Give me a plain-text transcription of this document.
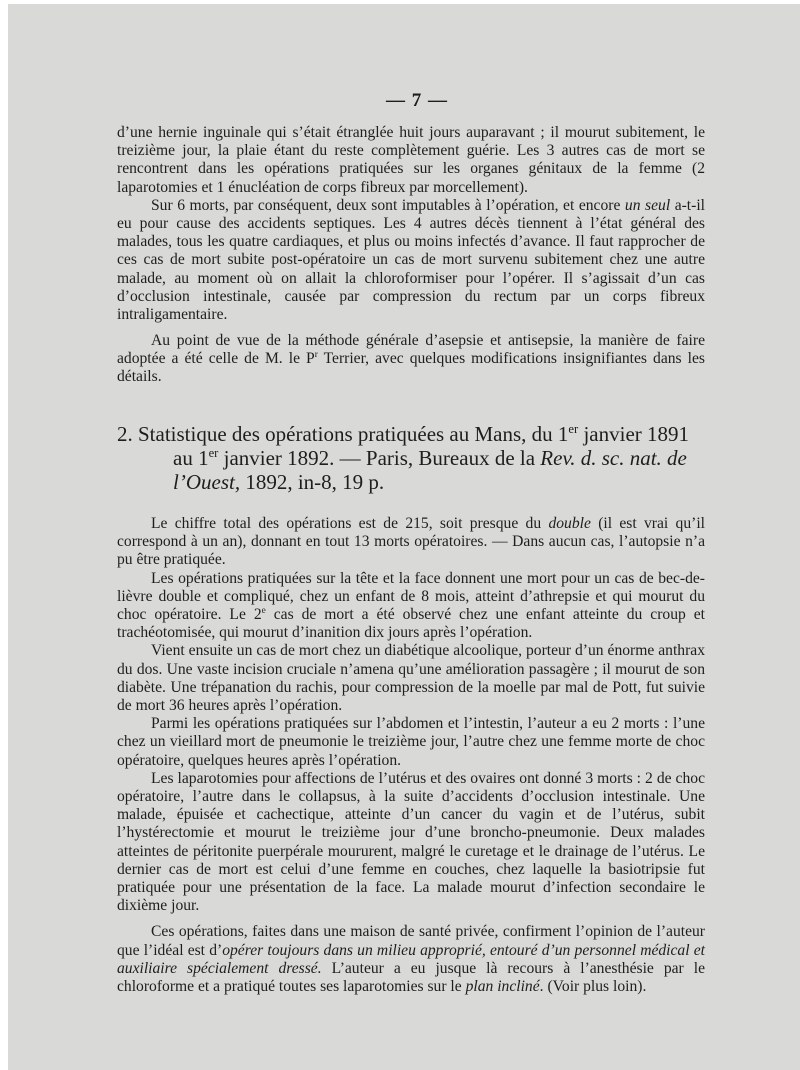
— 7 —

d’une hernie inguinale qui s’était étranglée huit jours auparavant ; il mourut subitement, le treizième jour, la plaie étant du reste complètement guérie. Les 3 autres cas de mort se rencontrent dans les opérations pratiquées sur les organes génitaux de la femme (2 laparotomies et 1 énucléation de corps fibreux par morcellement).

Sur 6 morts, par conséquent, deux sont imputables à l’opération, et encore un seul a-t-il eu pour cause des accidents septiques. Les 4 autres décès tiennent à l’état général des malades, tous les quatre cardiaques, et plus ou moins infectés d’avance. Il faut rapprocher de ces cas de mort subite post-opératoire un cas de mort survenu subitement chez une autre malade, au moment où on allait la chloroformiser pour l’opérer. Il s’agissait d’un cas d’occlusion intestinale, causée par compression du rectum par un corps fibreux intraligamentaire.

Au point de vue de la méthode générale d’asepsie et antisepsie, la manière de faire adoptée a été celle de M. le $P^r$ Terrier, avec quelques modifications insignifiantes dans les détails.

2. Statistique des opérations pratiquées au Mans, du 1er janvier 1891
au 1er janvier 1892. — Paris, Bureaux de la Rev. d. sc. nat. de
l’Ouest, 1892, in-8, 19 p.

Le chiffre total des opérations est de 215, soit presque du double (il est vrai qu’il correspond à un an), donnant en tout 13 morts opératoires. — Dans aucun cas, l’autopsie n’a pu être pratiquée.

Les opérations pratiquées sur la tête et la face donnent une mort pour un cas de bec-de-lièvre double et compliqué, chez un enfant de 8 mois, atteint d’athrepsie et qui mourut du choc opératoire. Le 2e cas de mort a été observé chez une enfant atteinte du croup et trachéotomisée, qui mourut d’inanition dix jours après l’opération.

Vient ensuite un cas de mort chez un diabétique alcoolique, porteur d’un énorme anthrax du dos. Une vaste incision cruciale n’amena qu’une amélioration passagère ; il mourut de son diabète. Une trépanation du rachis, pour compression de la moelle par mal de Pott, fut suivie de mort 36 heures après l’opération.

Parmi les opérations pratiquées sur l’abdomen et l’intestin, l’auteur a eu 2 morts : l’une chez un vieillard mort de pneumonie le treizième jour, l’autre chez une femme morte de choc opératoire, quelques heures après l’opération.

Les laparotomies pour affections de l’utérus et des ovaires ont donné 3 morts : 2 de choc opératoire, l’autre dans le collapsus, à la suite d’accidents d’occlusion intestinale. Une malade, épuisée et cachectique, atteinte d’un cancer du vagin et de l’utérus, subit l’hystérectomie et mourut le treizième jour d’une broncho-pneumonie. Deux malades atteintes de péritonite puerpérale moururent, malgré le curetage et le drainage de l’utérus. Le dernier cas de mort est celui d’une femme en couches, chez laquelle la basiotripsie fut pratiquée pour une présentation de la face. La malade mourut d’infection secondaire le dixième jour.

Ces opérations, faites dans une maison de santé privée, confirment l’opinion de l’auteur que l’idéal est d’opérer toujours dans un milieu approprié, entouré d’un personnel médical et auxiliaire spécialement dressé. L’auteur a eu jusque là recours à l’anesthésie par le chloroforme et a pratiqué toutes ses laparotomies sur le plan incliné. (Voir plus loin).
